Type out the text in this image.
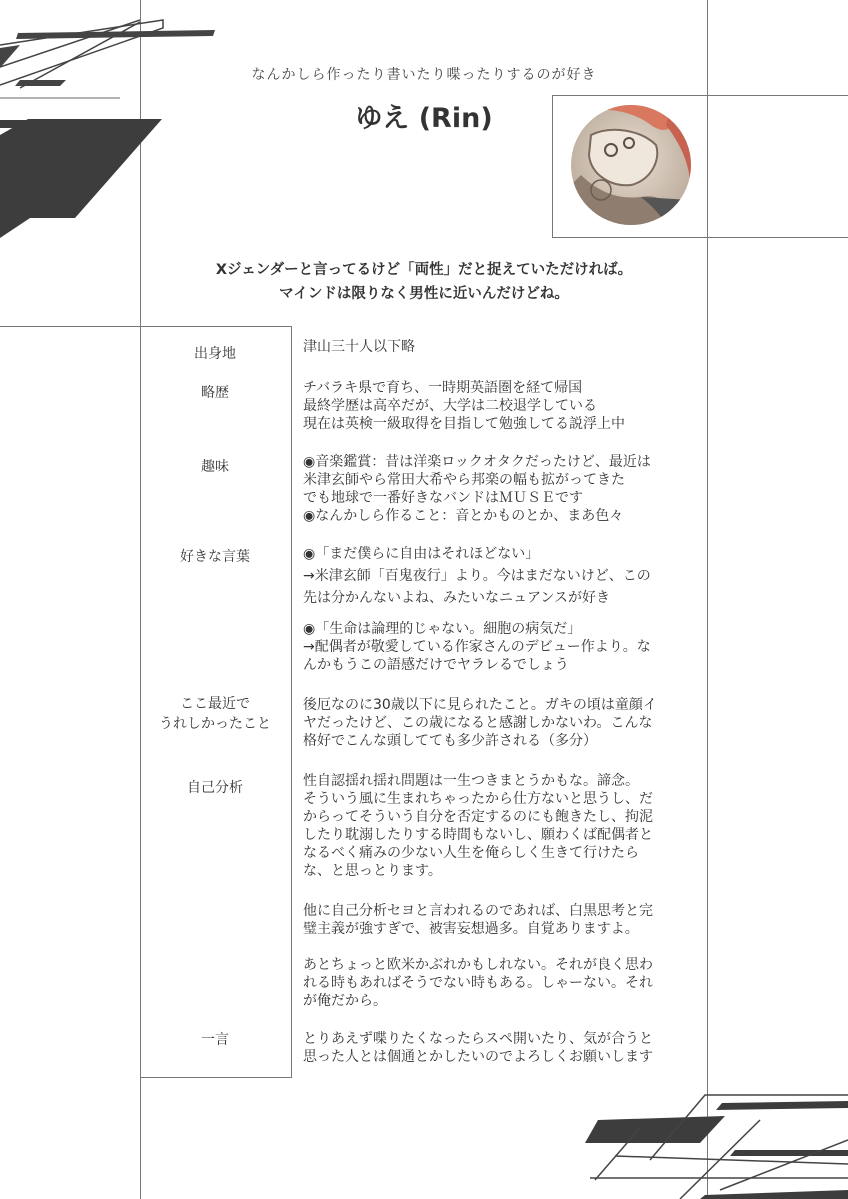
なんかしら作ったり書いたり喋ったりするのが好き
ゆえ (Rin)
Xジェンダーと言ってるけど「両性」だと捉えていただければ。
マインドは限りなく男性に近いんだけどね。
出身地
略歴
趣味
好きな言葉
ここ最近で
うれしかったこと
自己分析
一言
津山三十人以下略
チバラキ県で育ち、一時期英語圏を経て帰国
最終学歴は高卒だが、大学は二校退学している
現在は英検一級取得を目指して勉強してる説浮上中
◉音楽鑑賞：昔は洋楽ロックオタクだったけど、最近は
米津玄師やら常田大希やら邦楽の幅も拡がってきた
でも地球で一番好きなバンドはＭＵＳＥです
◉なんかしら作ること：音とかものとか、まあ色々
◉「まだ僕らに自由はそれほどない」
→米津玄師「百鬼夜行」より。今はまだないけど、この
先は分かんないよね、みたいなニュアンスが好き
◉「生命は論理的じゃない。細胞の病気だ」
→配偶者が敬愛している作家さんのデビュー作より。な
んかもうこの語感だけでヤラレるでしょう
後厄なのに30歳以下に見られたこと。ガキの頃は童顔イ
ヤだったけど、この歳になると感謝しかないわ。こんな
格好でこんな頭してても多少許される（多分）
性自認揺れ揺れ問題は一生つきまとうかもな。諦念。
そういう風に生まれちゃったから仕方ないと思うし、だ
からってそういう自分を否定するのにも飽きたし、拘泥
したり耽溺したりする時間もないし、願わくば配偶者と
なるべく痛みの少ない人生を俺らしく生きて行けたら
な、と思っとります。
他に自己分析セヨと言われるのであれば、白黒思考と完
璧主義が強すぎで、被害妄想過多。自覚ありますよ。
あとちょっと欧米かぶれかもしれない。それが良く思わ
れる時もあればそうでない時もある。しゃーない。それ
が俺だから。
とりあえず喋りたくなったらスペ開いたり、気が合うと
思った人とは個通とかしたいのでよろしくお願いします
